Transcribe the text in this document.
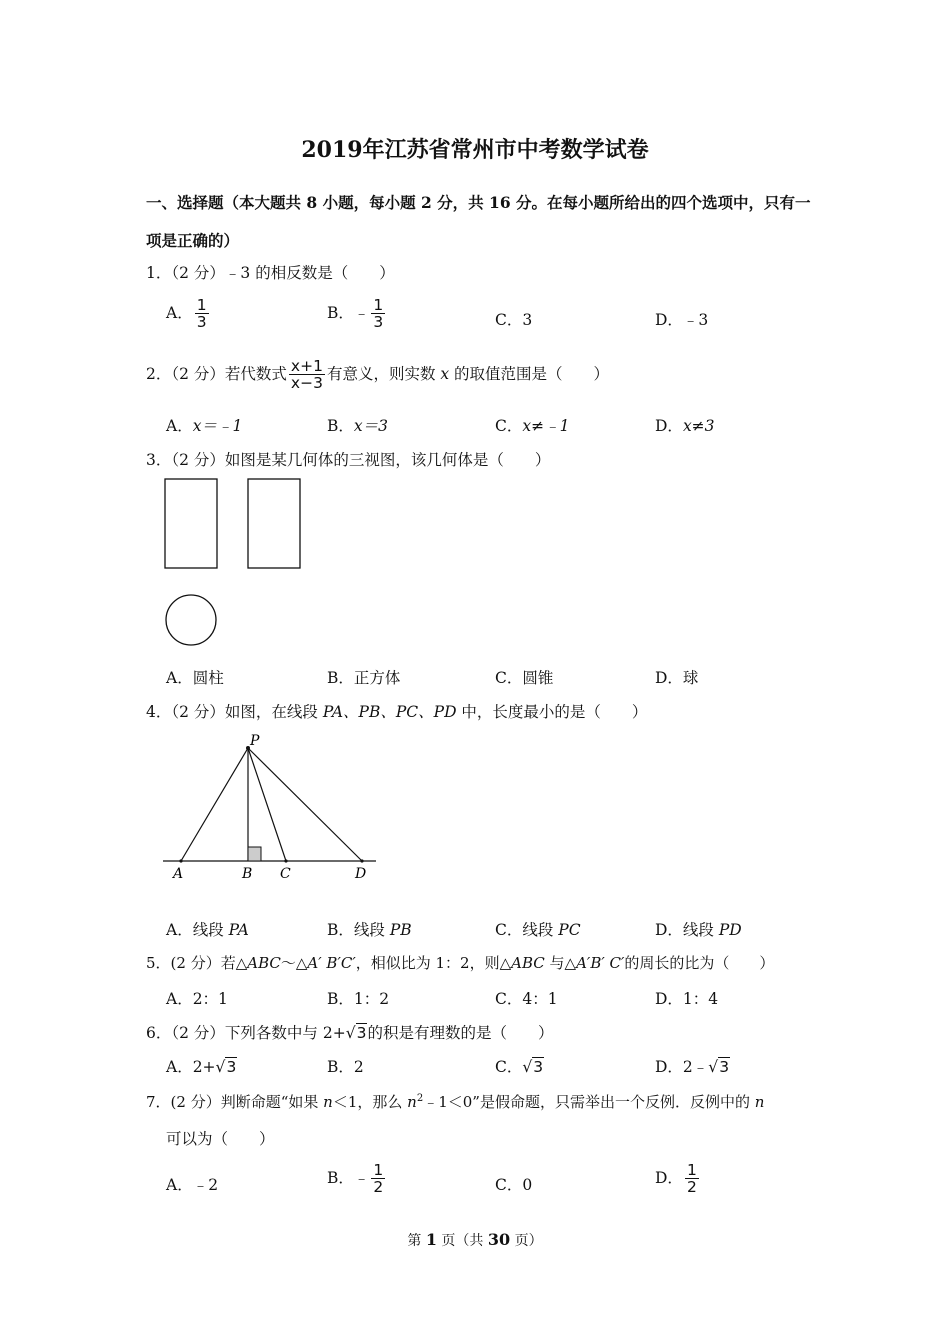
2019年江苏省常州市中考数学试卷
一、选择题（本大题共 8 小题，每小题 2 分，共 16 分。在每小题所给出的四个选项中，只有一
项是正确的）
1．（2 分）﹣3 的相反数是（　　）
A． $\frac{1}{3}$	B．﹣ $\frac{1}{3}$	C．3	D．﹣3
2．（2 分）若代数式 $\frac{x+1}{x-3}$ 有意义，则实数 x 的取值范围是（　　）
A．x＝﹣1	B．x＝3	C．x≠﹣1	D．x≠3
3．（2 分）如图是某几何体的三视图，该几何体是（　　）
A．圆柱	B．正方体	C．圆锥	D．球
4．（2 分）如图，在线段 PA、PB、PC、PD 中，长度最小的是（　　）
P
A	B C	D
A．线段 PA	B．线段 PB	C．线段 PC	D．线段 PD
5．(2 分）若△ABC～△A′ B′C′，相似比为 1：2，则△ABC 与△A′B′ C′的周长的比为（　　）
A．2：1	B．1：2	C．4：1	D．1：4
6．（2 分）下列各数中与 2+√3的积是有理数的是（　　）
A．2+√3	B．2	C．√3	D．2﹣√3
7．(2 分）判断命题“如果 n＜1，那么 $n^2﹣1<0$”是假命题，只需举出一个反例．反例中的 n
可以为（　　）
A．﹣2	B．﹣ $\frac{1}{2}$	C．0	D． $\frac{1}{2}$
第 1 页（共 30 页）
